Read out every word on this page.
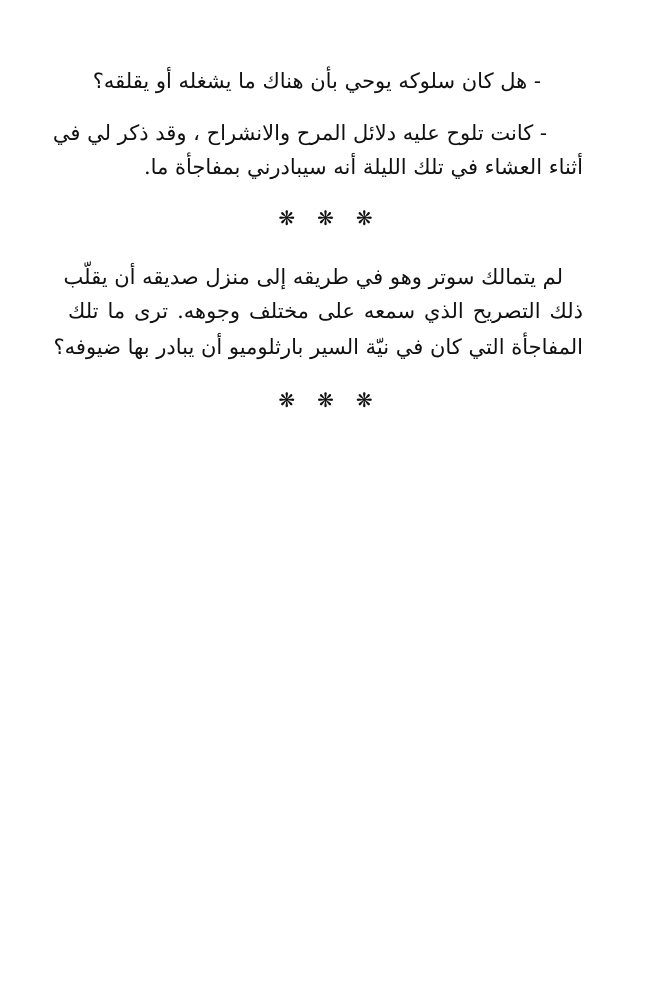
- هل كان سلوكه يوحي بأن هناك ما يشغله أو يقلقه؟
- كانت تلوح عليه دلائل المرح والانشراح ، وقد ذكر لي في
أثناء العشاء في تلك الليلة أنه سيبادرني بمفاجأة ما.
❋ ❋ ❋
لم يتمالك سوتر وهو في طريقه إلى منزل صديقه أن يقلّب
ذلك التصريح الذي سمعه على مختلف وجوهه. ترى ما تلك
المفاجأة التي كان في نيّة السير بارثلوميو أن يبادر بها ضيوفه؟
❋ ❋ ❋
